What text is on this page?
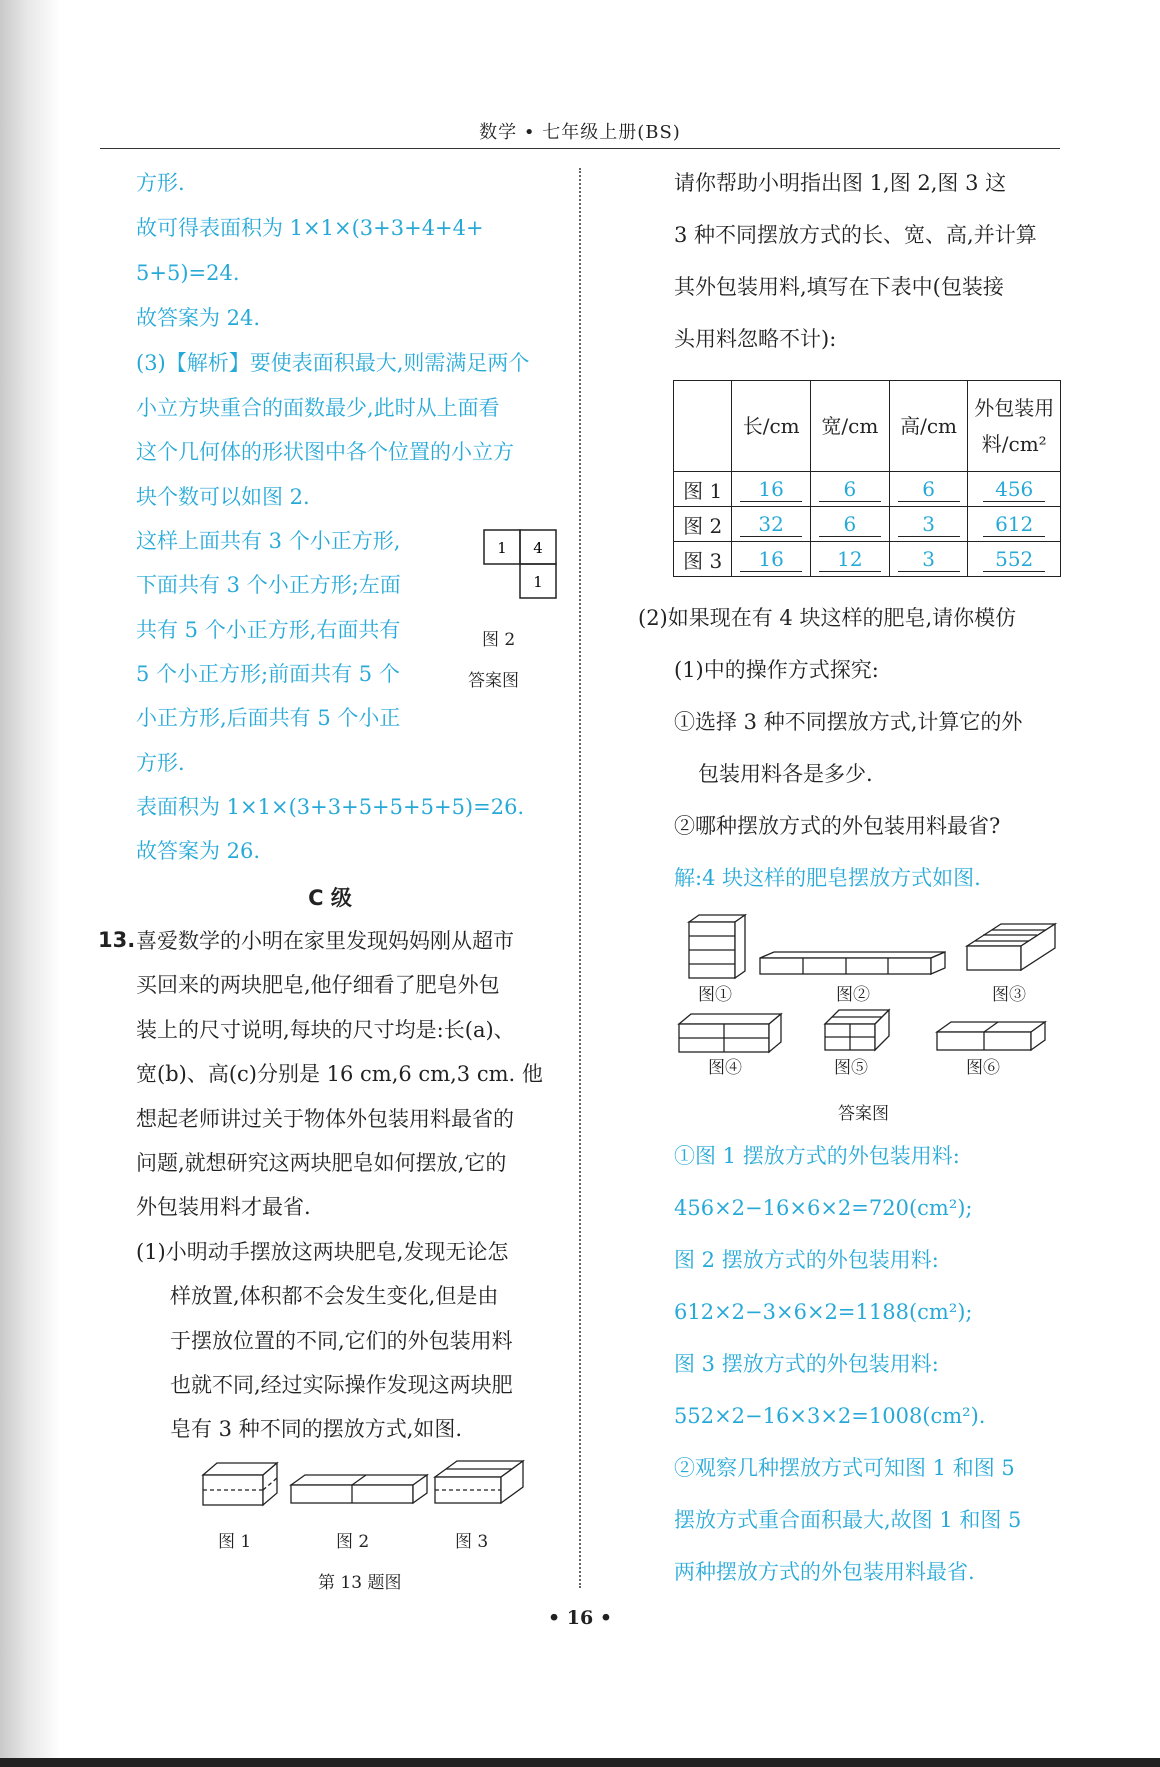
数学 • 七年级上册(BS)
方形.
故可得表面积为 1×1×(3+3+4+4+
5+5)=24.
故答案为 24.
(3)【解析】要使表面积最大,则需满足两个
小立方块重合的面数最少,此时从上面看
这个几何体的形状图中各个位置的小立方
块个数可以如图 2.
这样上面共有 3 个小正方形,
下面共有 3 个小正方形;左面
共有 5 个小正方形,右面共有
5 个小正方形;前面共有 5 个
小正方形,后面共有 5 个小正
方形.
表面积为 1×1×(3+3+5+5+5+5)=26.
故答案为 26.
喜爱数学的小明在家里发现妈妈刚从超市
买回来的两块肥皂,他仔细看了肥皂外包
装上的尺寸说明,每块的尺寸均是:长(a)、
宽(b)、高(c)分别是 16 cm,6 cm,3 cm. 他
想起老师讲过关于物体外包装用料最省的
问题,就想研究这两块肥皂如何摆放,它的
外包装用料才最省.
(1)小明动手摆放这两块肥皂,发现无论怎
样放置,体积都不会发生变化,但是由
于摆放位置的不同,它们的外包装用料
也就不同,经过实际操作发现这两块肥
皂有 3 种不同的摆放方式,如图.
请你帮助小明指出图 1,图 2,图 3 这
3 种不同摆放方式的长、宽、高,并计算
其外包装用料,填写在下表中(包装接
头用料忽略不计):
(2)如果现在有 4 块这样的肥皂,请你模仿
(1)中的操作方式探究:
①选择 3 种不同摆放方式,计算它的外
包装用料各是多少.
②哪种摆放方式的外包装用料最省?
解:4 块这样的肥皂摆放方式如图.
①图 1 摆放方式的外包装用料:
456×2−16×6×2=720(cm²);
图 2 摆放方式的外包装用料:
612×2−3×6×2=1188(cm²);
图 3 摆放方式的外包装用料:
552×2−16×3×2=1008(cm²).
②观察几种摆放方式可知图 1 和图 5
摆放方式重合面积最大,故图 1 和图 5
两种摆放方式的外包装用料最省.
1 4
1
图 2
答案图
C 级
13.
图 1	图 2	图 3
第 13 题图
	长/cm	宽/cm	高/cm	外包装用
料/cm²
图 1	16	6	6	456
图 2	32	6	3	612
图 3	16	12	3	552
图①	图②	图③
图④	图⑤	图⑥
答案图
• 16 •
